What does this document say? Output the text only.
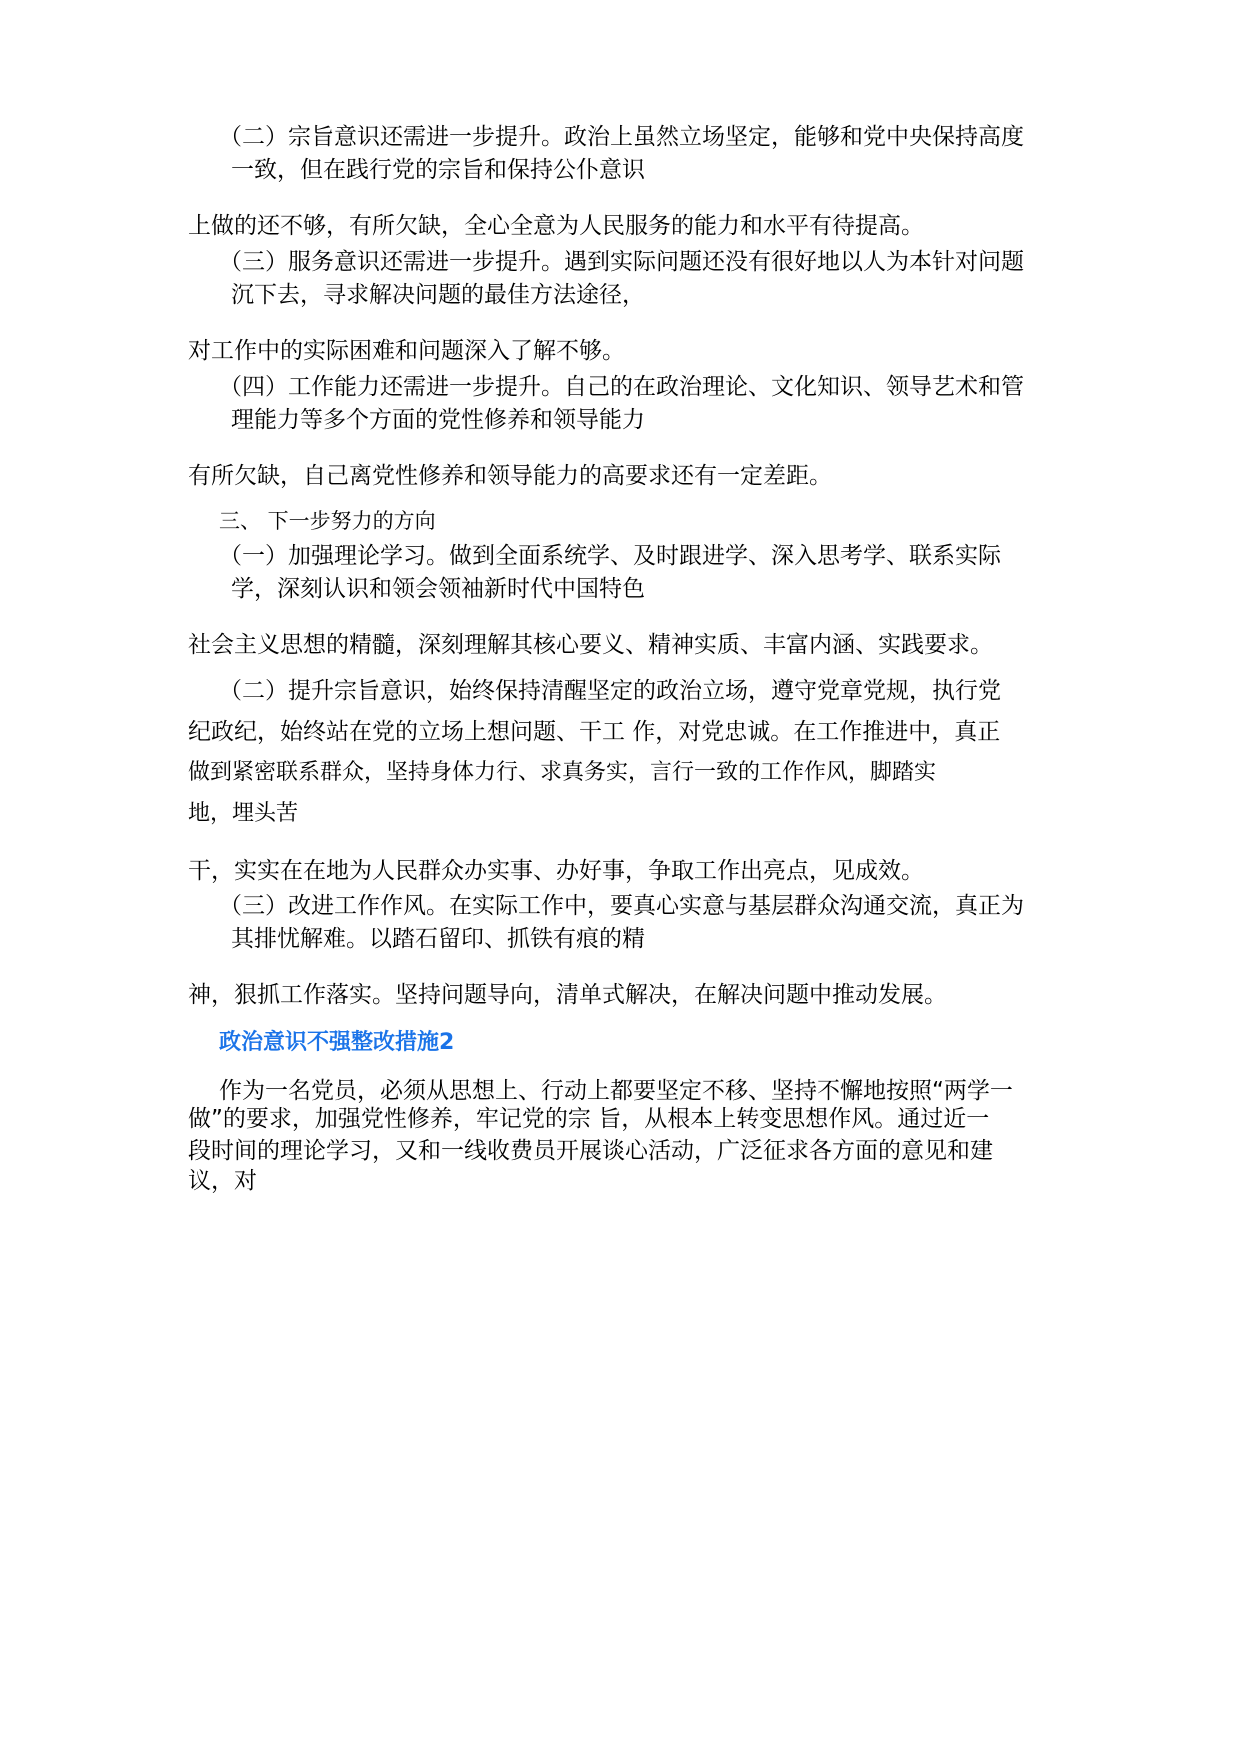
（二）宗旨意识还需进一步提升。政治上虽然立场坚定，能够和党中央保持高度
一致，但在践行党的宗旨和保持公仆意识
上做的还不够，有所欠缺，全心全意为人民服务的能力和水平有待提高。
（三）服务意识还需进一步提升。遇到实际问题还没有很好地以人为本针对问题
沉下去，寻求解决问题的最佳方法途径，
对工作中的实际困难和问题深入了解不够。
（四）工作能力还需进一步提升。自己的在政治理论、文化知识、领导艺术和管
理能力等多个方面的党性修养和领导能力
有所欠缺，自己离党性修养和领导能力的高要求还有一定差距。
三、 下一步努力的方向
（一）加强理论学习。做到全面系统学、及时跟进学、深入思考学、联系实际
学，深刻认识和领会领袖新时代中国特色
社会主义思想的精髓，深刻理解其核心要义、精神实质、丰富内涵、实践要求。
（二）提升宗旨意识，始终保持清醒坚定的政治立场，遵守党章党规，执行党
纪政纪，始终站在党的立场上想问题、干工 作，对党忠诚。在工作推进中，真正
做到紧密联系群众，坚持身体力行、求真务实，言行一致的工作作风，脚踏实
地，埋头苦
干，实实在在地为人民群众办实事、办好事，争取工作出亮点，见成效。
（三）改进工作作风。在实际工作中，要真心实意与基层群众沟通交流，真正为
其排忧解难。以踏石留印、抓铁有痕的精
神，狠抓工作落实。坚持问题导向，清单式解决，在解决问题中推动发展。
政治意识不强整改措施2
作为一名党员，必须从思想上、行动上都要坚定不移、坚持不懈地按照“两学一
做”的要求，加强党性修养，牢记党的宗 旨，从根本上转变思想作风。通过近一
段时间的理论学习，又和一线收费员开展谈心活动，广泛征求各方面的意见和建
议，对
